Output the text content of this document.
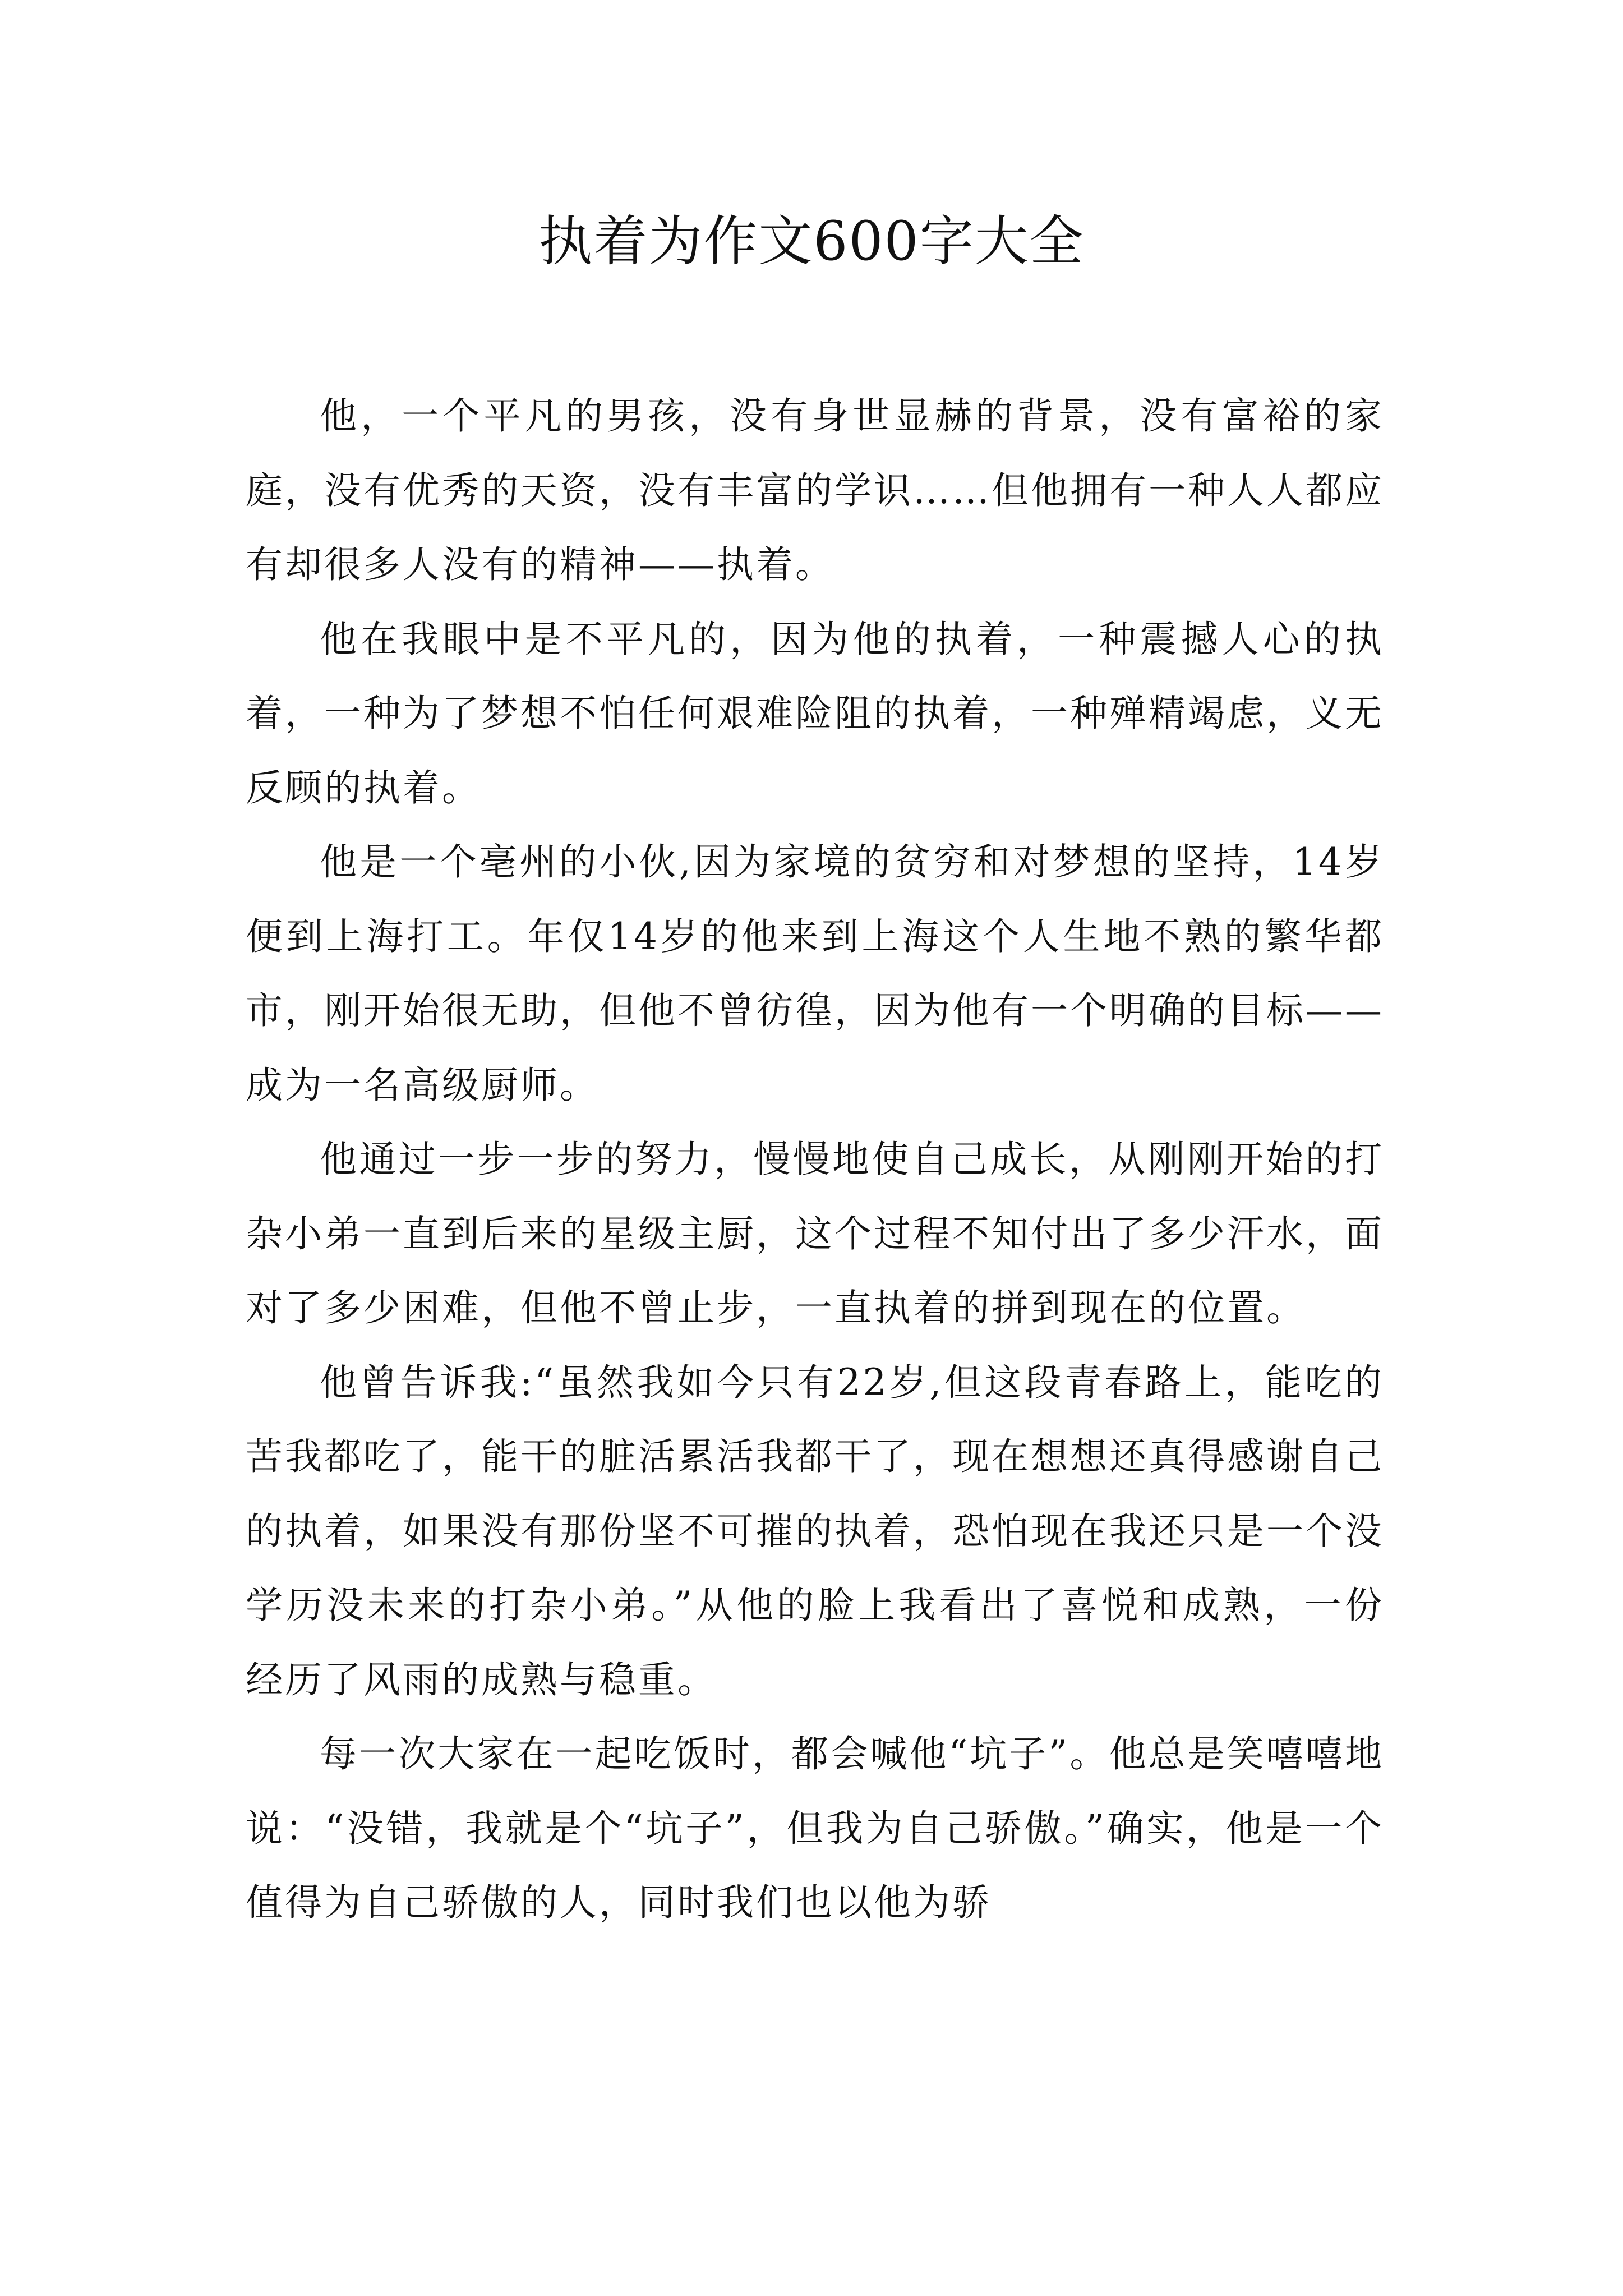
执着为作文600字大全

他，一个平凡的男孩，没有身世显赫的背景，没有富裕的家庭，没有优秀的天资，没有丰富的学识……但他拥有一种人人都应有却很多人没有的精神——执着。

他在我眼中是不平凡的，因为他的执着，一种震撼人心的执着，一种为了梦想不怕任何艰难险阻的执着，一种殚精竭虑，义无反顾的执着。

他是一个亳州的小伙,因为家境的贫穷和对梦想的坚持，14岁便到上海打工。年仅14岁的他来到上海这个人生地不熟的繁华都市，刚开始很无助，但他不曾彷徨，因为他有一个明确的目标——成为一名高级厨师。

他通过一步一步的努力，慢慢地使自己成长，从刚刚开始的打杂小弟一直到后来的星级主厨，这个过程不知付出了多少汗水，面对了多少困难，但他不曾止步，一直执着的拼到现在的位置。

他曾告诉我:“虽然我如今只有22岁,但这段青春路上，能吃的苦我都吃了，能干的脏活累活我都干了，现在想想还真得感谢自己的执着，如果没有那份坚不可摧的执着，恐怕现在我还只是一个没学历没未来的打杂小弟。”从他的脸上我看出了喜悦和成熟，一份经历了风雨的成熟与稳重。

每一次大家在一起吃饭时，都会喊他“坑子”。他总是笑嘻嘻地说：“没错，我就是个“坑子”，但我为自己骄傲。”确实，他是一个值得为自己骄傲的人，同时我们也以他为骄
